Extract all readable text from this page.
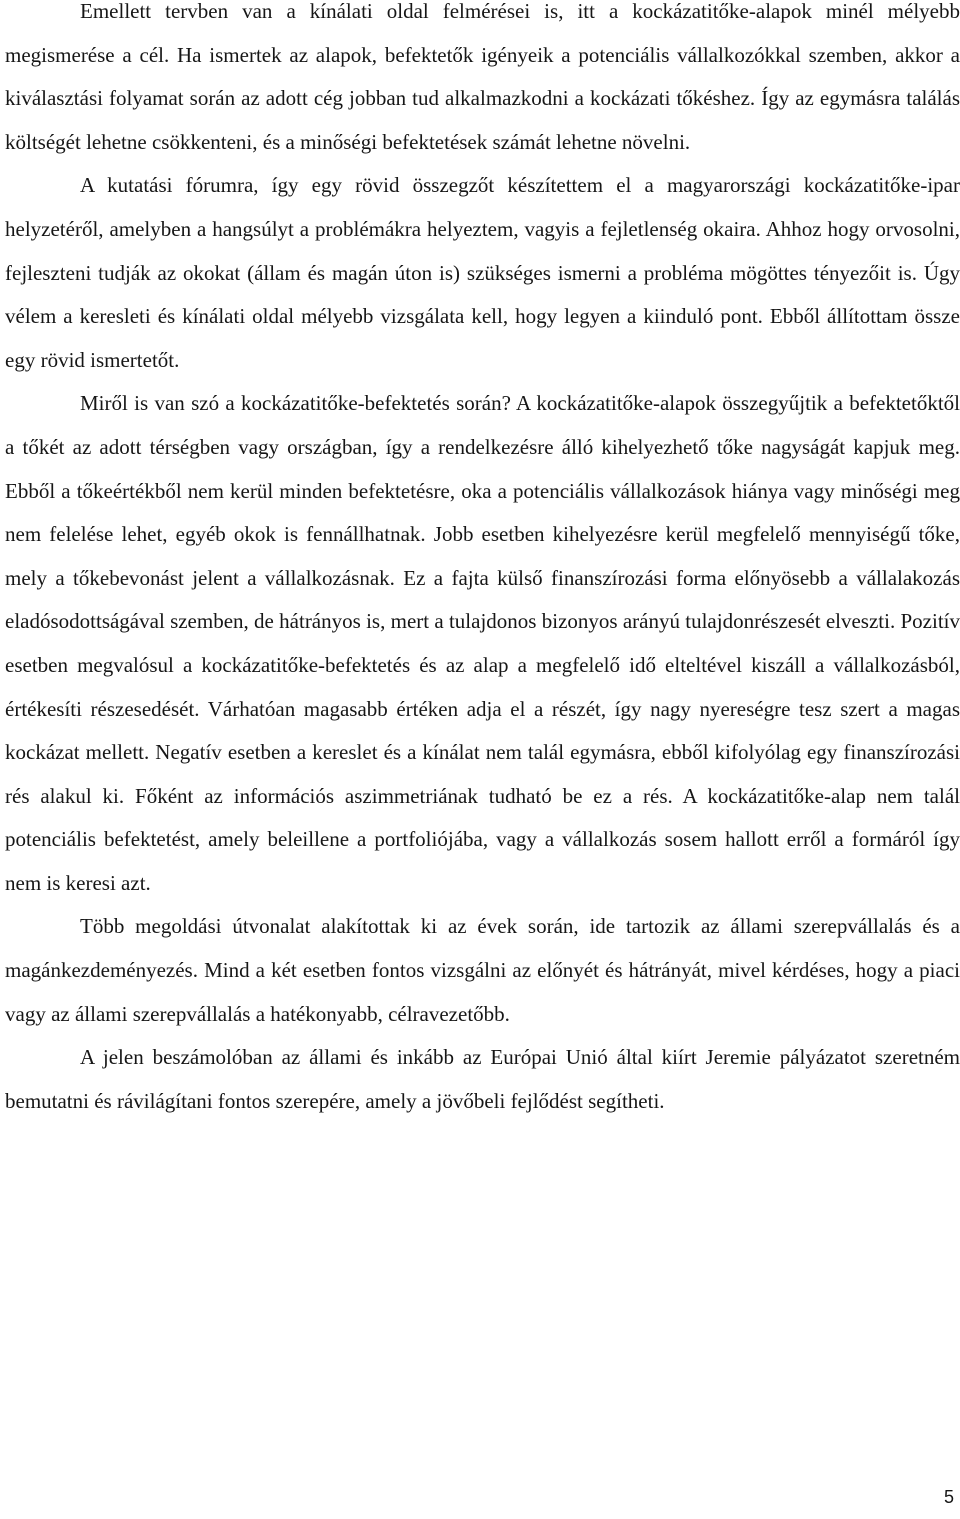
Emellett tervben van a kínálati oldal felmérései is, itt a kockázatitőke-alapok minél mélyebb megismerése a cél. Ha ismertek az alapok, befektetők igényeik a potenciális vállalkozókkal szemben, akkor a kiválasztási folyamat során az adott cég jobban tud alkalmazkodni a kockázati tőkéshez. Így az egymásra találás költségét lehetne csökkenteni, és a minőségi befektetések számát lehetne növelni.

A kutatási fórumra, így egy rövid összegzőt készítettem el a magyarországi kockázatitőke-ipar helyzetéről, amelyben a hangsúlyt a problémákra helyeztem, vagyis a fejletlenség okaira. Ahhoz hogy orvosolni, fejleszteni tudják az okokat (állam és magán úton is) szükséges ismerni a probléma mögöttes tényezőit is. Úgy vélem a keresleti és kínálati oldal mélyebb vizsgálata kell, hogy legyen a kiinduló pont. Ebből állítottam össze egy rövid ismertetőt.

Miről is van szó a kockázatitőke-befektetés során? A kockázatitőke-alapok összegyűjtik a befektetőktől a tőkét az adott térségben vagy országban, így a rendelkezésre álló kihelyezhető tőke nagyságát kapjuk meg. Ebből a tőkeértékből nem kerül minden befektetésre, oka a potenciális vállalkozások hiánya vagy minőségi meg nem felelése lehet, egyéb okok is fennállhatnak. Jobb esetben kihelyezésre kerül megfelelő mennyiségű tőke, mely a tőkebevonást jelent a vállalkozásnak. Ez a fajta külső finanszírozási forma előnyösebb a vállalakozás eladósodottságával szemben, de hátrányos is, mert a tulajdonos bizonyos arányú tulajdonrészesét elveszti. Pozitív esetben megvalósul a kockázatitőke-befektetés és az alap a megfelelő idő elteltével kiszáll a vállalkozásból, értékesíti részesedését. Várhatóan magasabb értéken adja el a részét, így nagy nyereségre tesz szert a magas kockázat mellett. Negatív esetben a kereslet és a kínálat nem talál egymásra, ebből kifolyólag egy finanszírozási rés alakul ki. Főként az információs aszimmetriának tudható be ez a rés. A kockázatitőke-alap nem talál potenciális befektetést, amely beleillene a portfoliójába, vagy a vállalkozás sosem hallott erről a formáról így nem is keresi azt.

Több megoldási útvonalat alakítottak ki az évek során, ide tartozik az állami szerepvállalás és a magánkezdeményezés. Mind a két esetben fontos vizsgálni az előnyét és hátrányát, mivel kérdéses, hogy a piaci vagy az állami szerepvállalás a hatékonyabb, célravezetőbb.

A jelen beszámolóban az állami és inkább az Európai Unió által kiírt Jeremie pályázatot szeretném bemutatni és rávilágítani fontos szerepére, amely a jövőbeli fejlődést segítheti.

5
